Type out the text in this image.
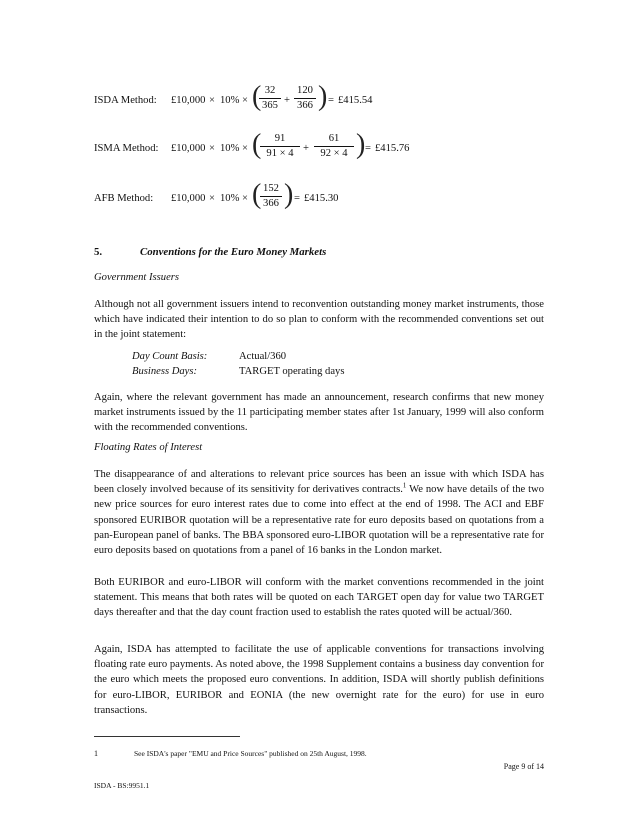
ISDA Method: £10,000 × 10% × (
$\frac{32}{365} + \frac{120}{366}$ ) = £415.54
ISMA Method: £10,000 × 10% × (
$\frac{91}{91 \times 4} + \frac{61}{92 \times 4}$ ) = £415.76
AFB Method: £10,000 × 10% × (
$\frac{152}{366}$ ) = £415.30
5.	Conventions for the Euro Money Markets
Government Issuers
Although not all government issuers intend to reconvention outstanding money market instruments, those which have indicated their intention to do so plan to conform with the recommended conventions set out in the joint statement:
Day Count Basis:	Actual/360
Business Days:	TARGET operating days
Again, where the relevant government has made an announcement, research confirms that new money market instruments issued by the 11 participating member states after 1st January, 1999 will also conform with the recommended conventions.
Floating Rates of Interest
The disappearance of and alterations to relevant price sources has been an issue with which ISDA has been closely involved because of its sensitivity for derivatives contracts.$^1$ We now have details of the two new price sources for euro interest rates due to come into effect at the end of 1998. The ACI and EBF sponsored EURIBOR quotation will be a representative rate for euro deposits based on quotations from a pan-European panel of banks. The BBA sponsored euro-LIBOR quotation will be a representative rate for euro deposits based on quotations from a panel of 16 banks in the London market.
Both EURIBOR and euro-LIBOR will conform with the market conventions recommended in the joint statement. This means that both rates will be quoted on each TARGET open day for value two TARGET days thereafter and that the day count fraction used to establish the rates quoted will be actual/360.
Again, ISDA has attempted to facilitate the use of applicable conventions for transactions involving floating rate euro payments. As noted above, the 1998 Supplement contains a business day convention for the euro which meets the proposed euro conventions. In addition, ISDA will shortly publish definitions for euro-LIBOR, EURIBOR and EONIA (the new overnight rate for the euro) for use in euro transactions.
1	See ISDA's paper "EMU and Price Sources" published on 25th August, 1998.
Page 9 of 14
ISDA - BS:9951.1
